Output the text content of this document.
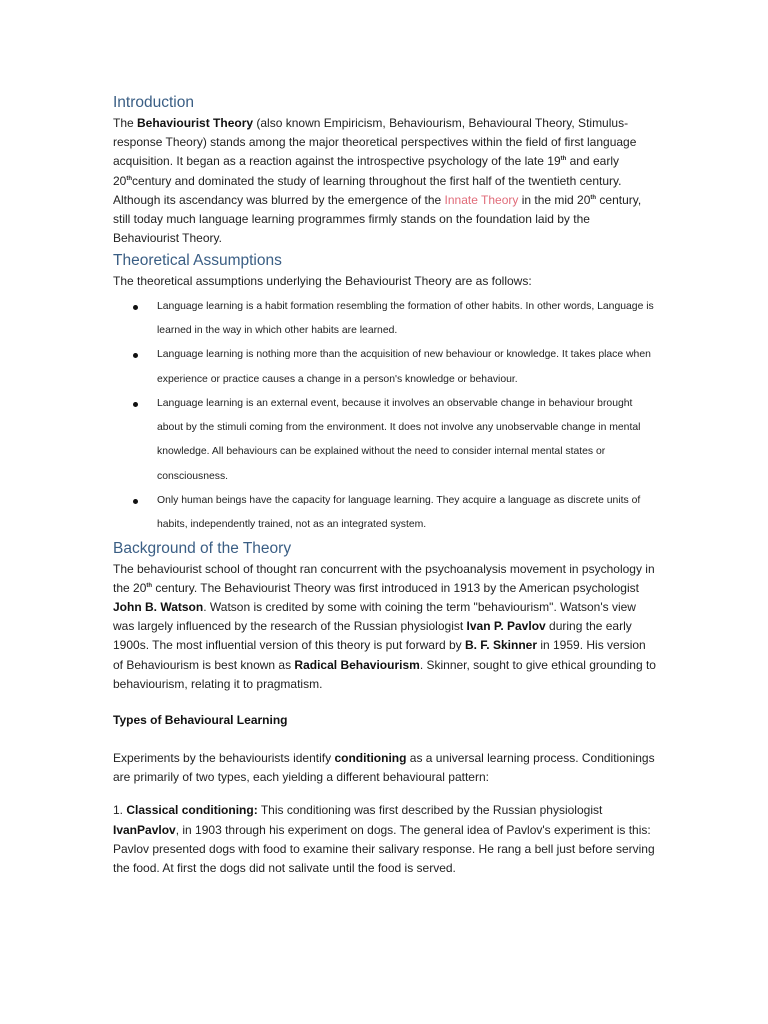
Introduction

The Behaviourist Theory (also known Empiricism, Behaviourism, Behavioural Theory, Stimulus-response Theory) stands among the major theoretical perspectives within the field of first language acquisition. It began as a reaction against the introspective psychology of the late 19th and early 20thcentury and dominated the study of learning throughout the first half of the twentieth century. Although its ascendancy was blurred by the emergence of the Innate Theory in the mid 20th century, still today much language learning programmes firmly stands on the foundation laid by the Behaviourist Theory.

Theoretical Assumptions

The theoretical assumptions underlying the Behaviourist Theory are as follows:

Language learning is a habit formation resembling the formation of other habits. In other words, Language is learned in the way in which other habits are learned.
Language learning is nothing more than the acquisition of new behaviour or knowledge. It takes place when experience or practice causes a change in a person's knowledge or behaviour.
Language learning is an external event, because it involves an observable change in behaviour brought about by the stimuli coming from the environment. It does not involve any unobservable change in mental knowledge. All behaviours can be explained without the need to consider internal mental states or consciousness.
Only human beings have the capacity for language learning. They acquire a language as discrete units of habits, independently trained, not as an integrated system.
Background of the Theory

The behaviourist school of thought ran concurrent with the psychoanalysis movement in psychology in the 20th century. The Behaviourist Theory was first introduced in 1913 by the American psychologist John B. Watson. Watson is credited by some with coining the term "behaviourism". Watson's view was largely influenced by the research of the Russian physiologist Ivan P. Pavlov during the early 1900s. The most influential version of this theory is put forward by B. F. Skinner in 1959. His version of Behaviourism is best known as Radical Behaviourism. Skinner, sought to give ethical grounding to behaviourism, relating it to pragmatism.

Types of Behavioural Learning

Experiments by the behaviourists identify conditioning as a universal learning process. Conditionings are primarily of two types, each yielding a different behavioural pattern:

1. Classical conditioning: This conditioning was first described by the Russian physiologist IvanPavlov, in 1903 through his experiment on dogs. The general idea of Pavlov's experiment is this: Pavlov presented dogs with food to examine their salivary response. He rang a bell just before serving the food. At first the dogs did not salivate until the food is served.
